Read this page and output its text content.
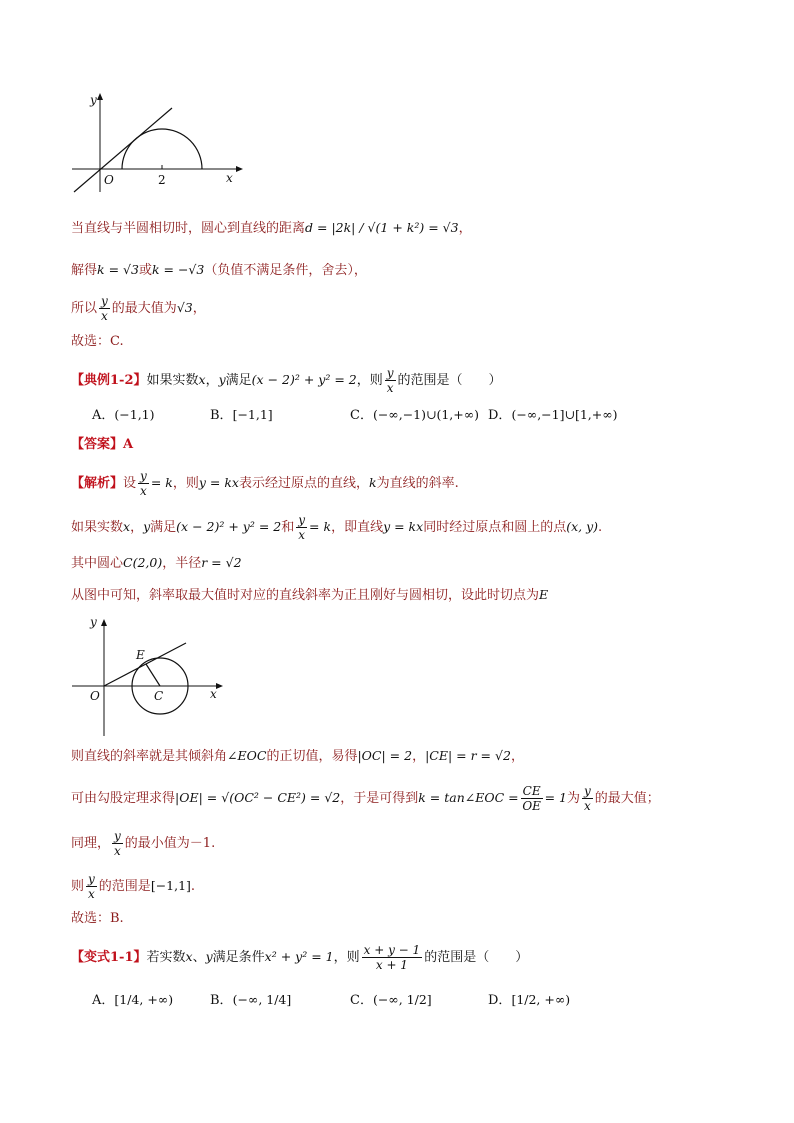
y
O	2	x
当直线与半圆相切时，圆心到直线的距离d = |2k| / √(1 + k²) = √3，
解得k = √3或k = −√3（负值不满足条件，舍去），
所以 $\frac{y}{x}$ 的最大值为√3，
故选：C.
【典例1-2】如果实数x，y满足(x − 2)² + y² = 2，则 $\frac{y}{x}$ 的范围是（　　）
A．(−1,1)	B．[−1,1]	C．(−∞,−1)∪(1,+∞) D．(−∞,−1]∪[1,+∞)
【答案】A
【解析】设 $\frac{y}{x} = k$，则y = kx表示经过原点的直线，k为直线的斜率.
如果实数x，y满足(x − 2)² + y² = 2和 $\frac{y}{x} = k$，即直线y = kx同时经过原点和圆上的点(x, y).
其中圆心C(2,0)，半径r = √2
从图中可知，斜率取最大值时对应的直线斜率为正且刚好与圆相切，设此时切点为E
y
E
O	C	x
则直线的斜率就是其倾斜角∠EOC的正切值，易得|OC| = 2，|CE| = r = √2，
可由勾股定理求得|OE| = √(OC² − CE²) = √2，于是可得到k = tan∠EOC = $\frac{CE}{OE} = 1$为 $\frac{y}{x}$ 的最大值；
同理， $\frac{y}{x}$ 的最小值为－1.
则 $\frac{y}{x}$ 的范围是[−1,1].
故选：B.
【变式1-1】若实数x、y满足条件x² + y² = 1，则 $\frac{x + y - 1}{x + 1}$ 的范围是（　　）
A．[1/4, +∞)	B．(−∞, 1/4]	C．(−∞, 1/2]	D．[1/2, +∞)
